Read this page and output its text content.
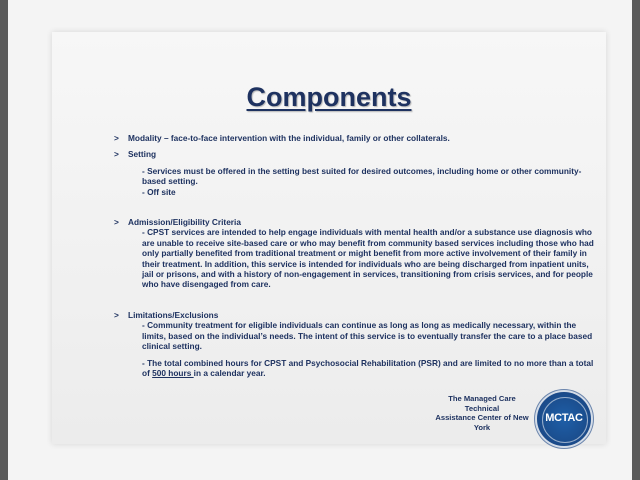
Components
>	Modality – face-to-face intervention with the individual, family or other collaterals.
>	Setting
- Services must be offered in the setting best suited for desired outcomes, including home or other community-based setting.
- Off site
>	Admission/Eligibility Criteria
- CPST services are intended to help engage individuals with mental health and/or a substance use diagnosis who are unable to receive site-based care or who may benefit from community based services including those who had only partially benefited from traditional treatment or might benefit from more active involvement of their family in their treatment. In addition, this service is intended for individuals who are being discharged from inpatient units, jail or prisons, and with a history of non-engagement in services, transitioning from crisis services, and for people who have disengaged from care.
>	Limitations/Exclusions
- Community treatment for eligible individuals can continue as long as long as medically necessary, within the limits, based on the individual’s needs. The intent of this service is to eventually transfer the care to a place based clinical setting.
- The total combined hours for CPST and Psychosocial Rehabilitation (PSR) and are limited to no more than a total of 500 hours in a calendar year.
The Managed Care Technical
Assistance Center of New York
MCTAC
